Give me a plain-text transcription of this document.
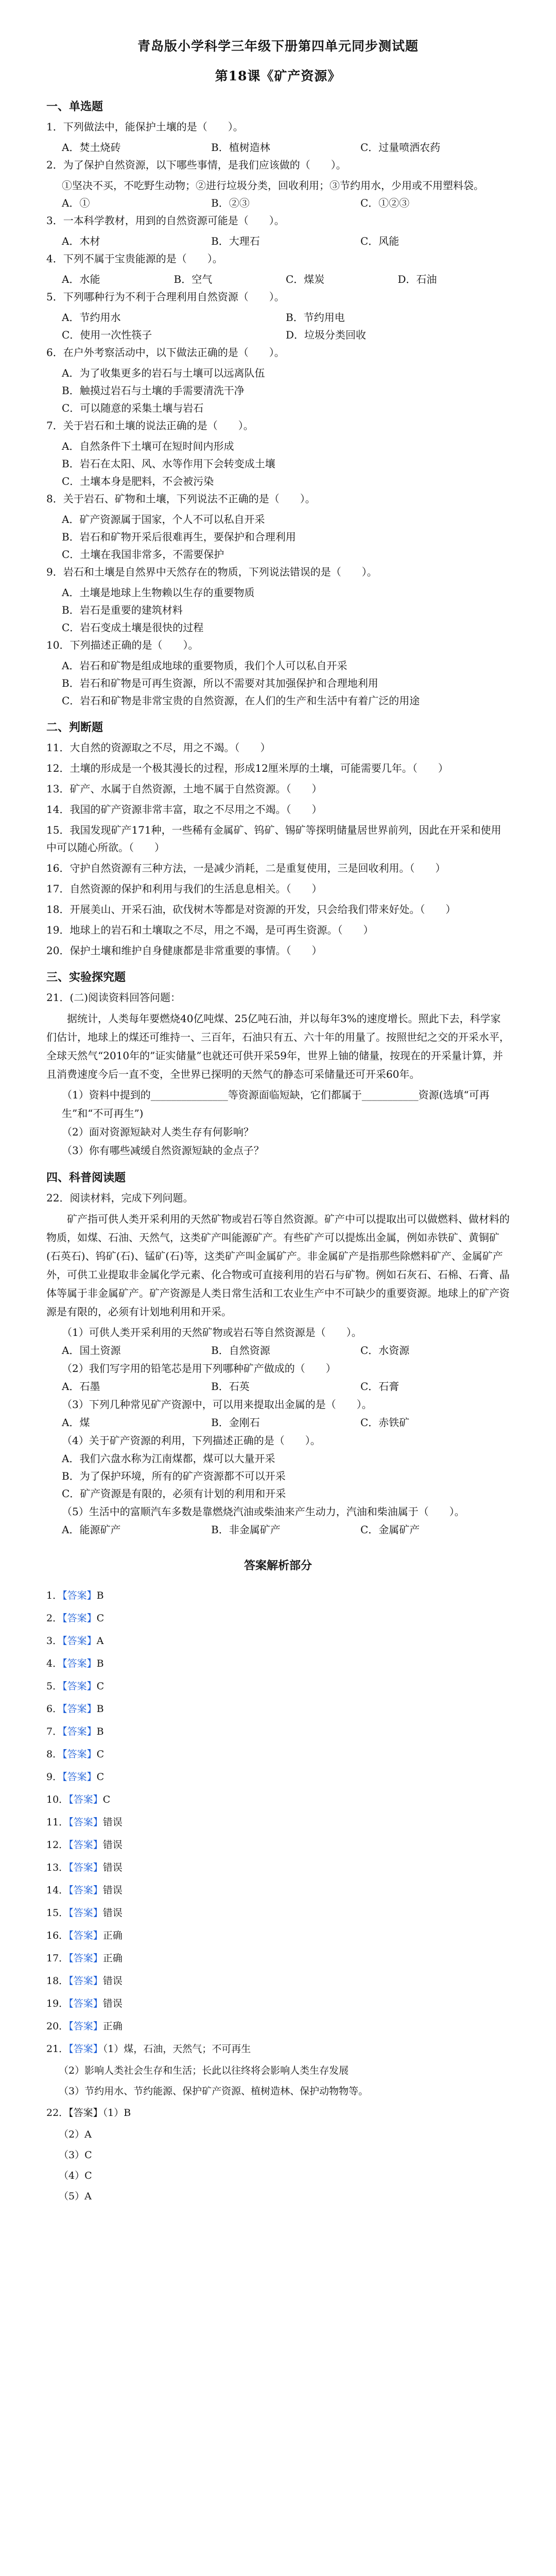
青岛版小学科学三年级下册第四单元同步测试题
第18课《矿产资源》
一、单选题
1．下列做法中，能保护土壤的是（　　）。
A．焚土烧砖	B．植树造林	C．过量喷洒农药
2．为了保护自然资源，以下哪些事情，是我们应该做的（　　）。
①坚决不买，不吃野生动物；②进行垃圾分类，回收利用；③节约用水，少用或不用塑料袋。
A．①	B．②③	C．①②③
3．一本科学教材，用到的自然资源可能是（　　）。
A．木材	B．大理石	C．风能
4．下列不属于宝贵能源的是（　　）。
A．水能	B．空气	C．煤炭	D．石油
5．下列哪种行为不利于合理利用自然资源（　　）。
A．节约用水	B．节约用电
C．使用一次性筷子	D．垃圾分类回收
6．在户外考察活动中，以下做法正确的是（　　）。
A．为了收集更多的岩石与土壤可以远离队伍
B．触摸过岩石与土壤的手需要清洗干净
C．可以随意的采集土壤与岩石
7．关于岩石和土壤的说法正确的是（　　）。
A．自然条件下土壤可在短时间内形成
B．岩石在太阳、风、水等作用下会转变成土壤
C．土壤本身是肥料，不会被污染
8．关于岩石、矿物和土壤，下列说法不正确的是（　　）。
A．矿产资源属于国家，个人不可以私自开采
B．岩石和矿物开采后很难再生，要保护和合理利用
C．土壤在我国非常多，不需要保护
9．岩石和土壤是自然界中天然存在的物质，下列说法错误的是（　　）。
A．土壤是地球上生物赖以生存的重要物质
B．岩石是重要的建筑材料
C．岩石变成土壤是很快的过程
10．下列描述正确的是（　　）。
A．岩石和矿物是组成地球的重要物质，我们个人可以私自开采
B．岩石和矿物是可再生资源，所以不需要对其加强保护和合理地利用
C．岩石和矿物是非常宝贵的自然资源，在人们的生产和生活中有着广泛的用途
二、判断题
11．大自然的资源取之不尽，用之不竭。（　　）
12．土壤的形成是一个极其漫长的过程，形成12厘米厚的土壤，可能需要几年。（　　）
13．矿产、水属于自然资源，土地不属于自然资源。（　　）
14．我国的矿产资源非常丰富，取之不尽用之不竭。（　　）
15．我国发现矿产171种，一些稀有金属矿、钨矿、锡矿等探明储量居世界前列，因此在开采和使用中可以随心所欲。（　　）
16．守护自然资源有三种方法，一是减少消耗，二是重复使用，三是回收利用。（　　）
17．自然资源的保护和利用与我们的生活息息相关。（　　）
18．开展美山、开采石油，砍伐树木等都是对资源的开发，只会给我们带来好处。（　　）
19．地球上的岩石和土壤取之不尽，用之不竭，是可再生资源。（　　）
20．保护土壤和维护自身健康都是非常重要的事情。（　　）
三、实验探究题
21．(二)阅读资料回答问题：
据统计，人类每年要燃烧40亿吨煤、25亿吨石油，并以每年3%的速度增长。照此下去，科学家们估计，地球上的煤还可维持一、三百年，石油只有五、六十年的用量了。按照世纪之交的开采水平，全球天然气“2010年的”证实储量”也就还可供开采59年，世界上铀的储量，按现在的开采量计算，并且消费速度今后一直不变，全世界已探明的天然气的静态可采储量还可开采60年。
（1）资料中提到的_______________等资源面临短缺，它们都属于___________资源(选填“可再生”和“不可再生”)
（2）面对资源短缺对人类生存有何影响？
（3）你有哪些减缓自然资源短缺的金点子？
四、科普阅读题
22．阅读材料，完成下列问题。
矿产指可供人类开采利用的天然矿物或岩石等自然资源。矿产中可以提取出可以做燃料、做材料的物质，如煤、石油、天然气，这类矿产叫能源矿产。有些矿产可以提炼出金属，例如赤铁矿、黄铜矿(石英石)、钨矿(石)、锰矿(石)等，这类矿产叫金属矿产。非金属矿产是指那些除燃料矿产、金属矿产外，可供工业提取非金属化学元素、化合物或可直接利用的岩石与矿物。例如石灰石、石棉、石膏、晶体等属于非金属矿产。矿产资源是人类日常生活和工农业生产中不可缺少的重要资源。地球上的矿产资源是有限的，必须有计划地利用和开采。
（1）可供人类开采利用的天然矿物或岩石等自然资源是（　　）。
A．国土资源	B．自然资源	C．水资源
（2）我们写字用的铅笔芯是用下列哪种矿产做成的（　　）
A．石墨	B．石英	C．石膏
（3）下列几种常见矿产资源中，可以用来提取出金属的是（　　）。
A．煤	B．金刚石	C．赤铁矿
（4）关于矿产资源的利用，下列描述正确的是（　　）。
A．我们六盘水称为江南煤都，煤可以大量开采
B．为了保护环境，所有的矿产资源都不可以开采
C．矿产资源是有限的，必须有计划的利用和开采
（5）生活中的富顺汽车多数是靠燃烧汽油或柴油来产生动力，汽油和柴油属于（　　）。
A．能源矿产	B．非金属矿产	C．金属矿产
答案解析部分
1．【答案】B
2．【答案】C
3．【答案】A
4．【答案】B
5．【答案】C
6．【答案】B
7．【答案】B
8．【答案】C
9．【答案】C
10．【答案】C
11．【答案】错误
12．【答案】错误
13．【答案】错误
14．【答案】错误
15．【答案】错误
16．【答案】正确
17．【答案】正确
18．【答案】错误
19．【答案】错误
20．【答案】正确
21．【答案】（1）煤，石油，天然气；不可再生
（2）影响人类社会生存和生活；长此以往终将会影响人类生存发展
（3）节约用水、节约能源、保护矿产资源、植树造林、保护动物物等。
22．【答案】（1）B
（2）A
（3）C
（4）C
（5）A
